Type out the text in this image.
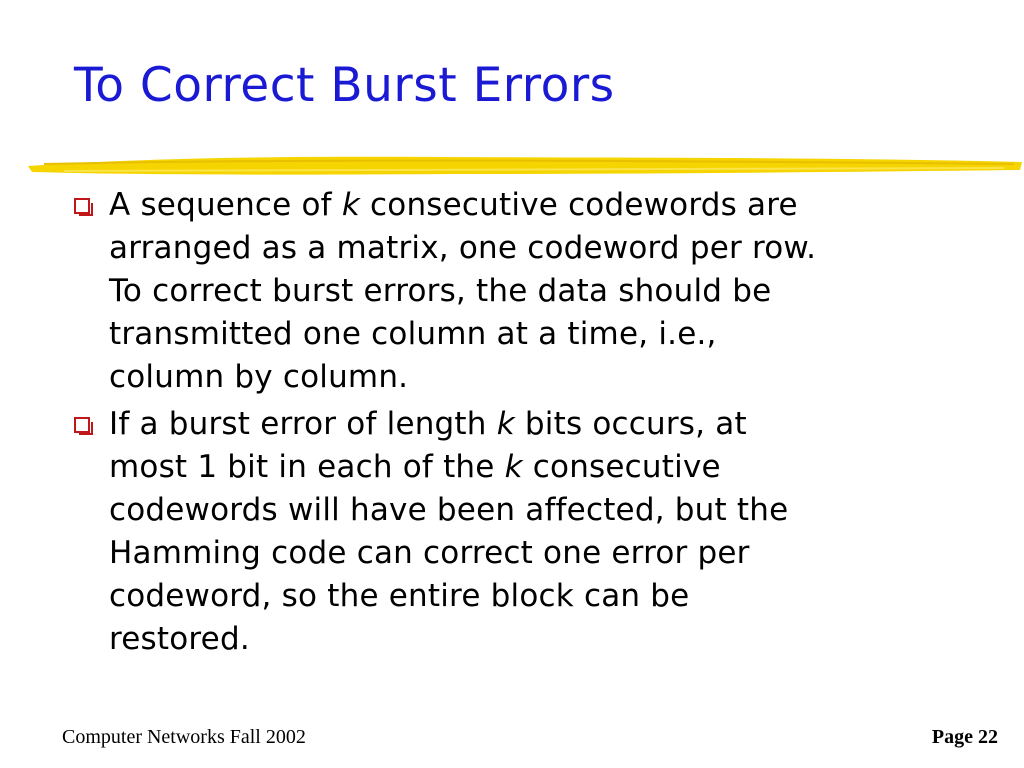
To Correct Burst Errors
A sequence of k consecutive codewords are
arranged as a matrix, one codeword per row.
To correct burst errors, the data should be
transmitted one column at a time, i.e.,
column by column.
If a burst error of length k bits occurs, at
most 1 bit in each of the k consecutive
codewords will have been affected, but the
Hamming code can correct one error per
codeword, so the entire block can be
restored.
Computer Networks Fall 2002	Page 22
